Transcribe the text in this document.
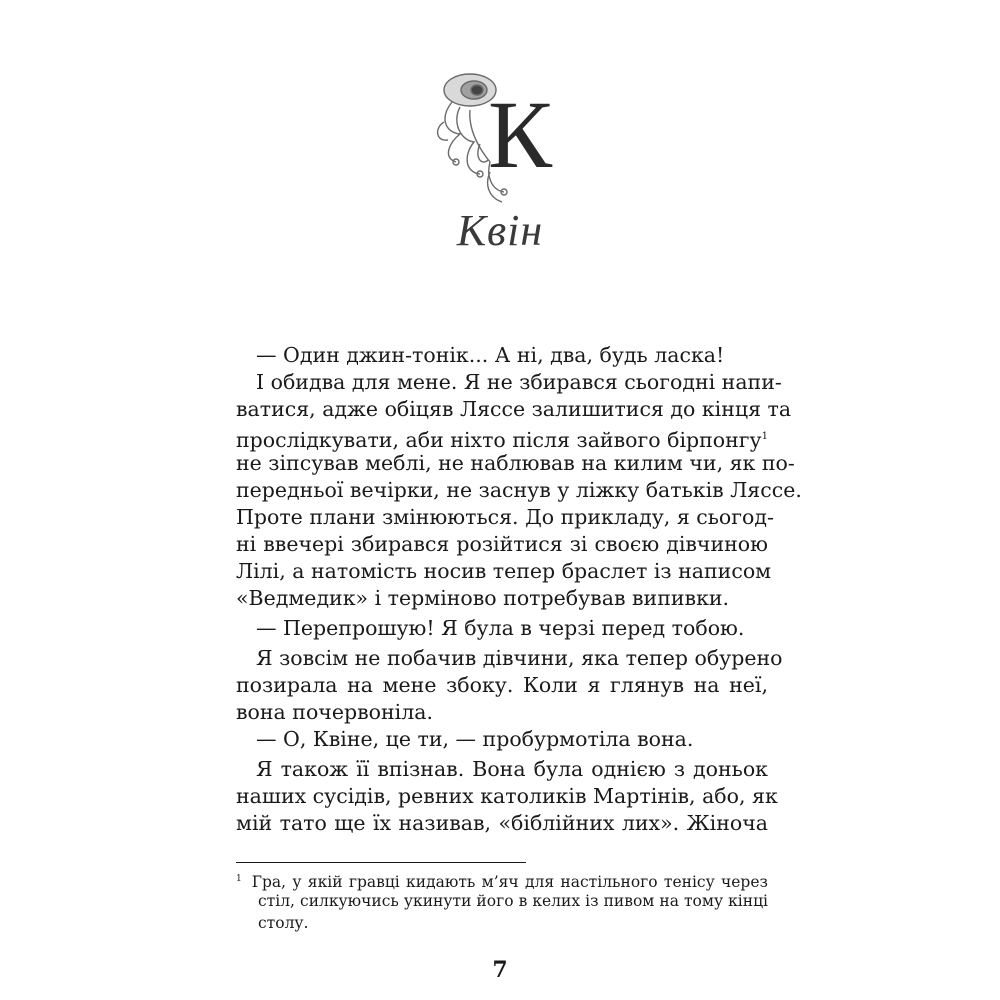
К
Квін
— Один джин-тонік... А ні, два, будь ласка!
І обидва для мене. Я не збирався сьогодні напи-
ватися, адже обіцяв Ляссе залишитися до кінця та
прослідкувати, аби ніхто після зайвого бірпонгу$^1$
не зіпсував меблі, не наблював на килим чи, як по-
передньої вечірки, не заснув у ліжку батьків Ляссе.
Проте плани змінюються. До прикладу, я сьогод-
ні ввечері збирався розійтися зі своєю дівчиною
Лілі, а натомість носив тепер браслет із написом
«Ведмедик» і терміново потребував випивки.
— Перепрошую! Я була в черзі перед тобою.
Я зовсім не побачив дівчини, яка тепер обурено
позирала на мене збоку. Коли я глянув на неї,
вона почервоніла.
— О, Квіне, це ти, — пробурмотіла вона.
Я також її впізнав. Вона була однією з доньок
наших сусідів, ревних католиків Мартінів, або, як
мій тато ще їх називав, «біблійних лих». Жіноча
$^1$ Гра, у якій гравці кидають м’яч для настільного тенісу через
стіл, силкуючись укинути його в келих із пивом на тому кінці
столу.
7
